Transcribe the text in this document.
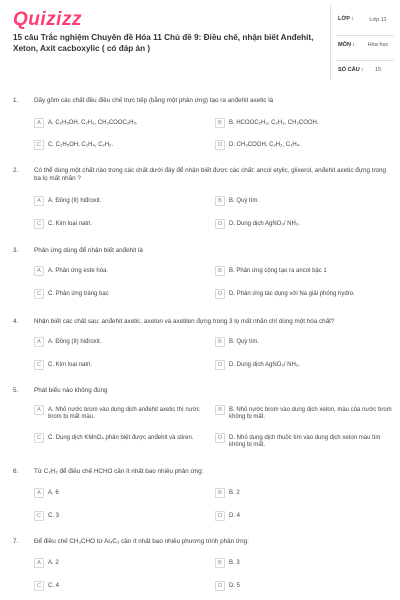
Quizizz
15 câu Trắc nghiệm Chuyên đề Hóa 11 Chủ đề 9: Điều chế, nhận biết Anđehit, Xeton, Axit cacboxylic ( có đáp án )
LỚP :	Lớp 11
MÔN :	Hóa học
SỐ CÂU :	15
1. Dãy gồm các chất đều điều chế trực tiếp (bằng một phản ứng) tạo ra anđehit axetic là
A	A. C₂H₅OH, C₂H₂, CH₃COOC₂H₅.	B	B. HCOOC₂H₃, C₂H₂, CH₃COOH.
C	C. C₂H₅OH, C₂H₄, C₂H₂.	D	D. CH₃COOH, C₂H₂, C₂H₄.
2. Có thể dùng một chất nào trong các chất dưới đây để nhận biết được các chất: ancol etylic, glixerol, anđehit axetic đựng trong ba lọ mất nhãn ?
A	A. Đồng (II) hiđroxit.	B	B. Quỳ tím.
C	C. Kim loại natri.	D	D. Dung dịch AgNO₃/ NH₃.
3. Phản ứng dùng để nhận biết anđehit là
A	A. Phản ứng este hóa.	B	B. Phản ứng cộng tạo ra ancol bậc 1
C	C. Phản ứng tráng bạc	D	D. Phản ứng tác dụng với Na giải phóng hydro.
4. Nhận biết các chất sau: anđehit axetic, axeton và axetilen đựng trong 3 lọ mất nhãn chỉ dùng một hóa chất?
A	A. Đồng (II) hiđroxit.	B	B. Quỳ tím.
C	C. Kim loại natri.	D	D. Dung dịch AgNO₃/ NH₃.
5. Phát biểu nào không đúng
A	A. Nhỏ nước brom vào dung dịch anđehit axetic thì nước brom bị mất màu.
B	B. Nhỏ nước brom vào dung dịch xeton, màu của nước brom không bị mất.
C	C. Dung dịch KMnO₄ phân biệt được anđehit và stiren.	D	D. Nhỏ dung dịch thuốc tím vào dung dịch xeton màu tím không bị mất.
6. Từ C₂H₂ để điều chế HCHO cần ít nhất bao nhiêu phản ứng:
A	A. 6	B	B. 2
C	C. 3	D	D. 4
7. Để điều chế CH₃CHO từ Al₄C₃ cần ít nhất bao nhiêu phương trình phản ứng:
A	A. 2	B	B. 3
C	C. 4	D	D. 5
